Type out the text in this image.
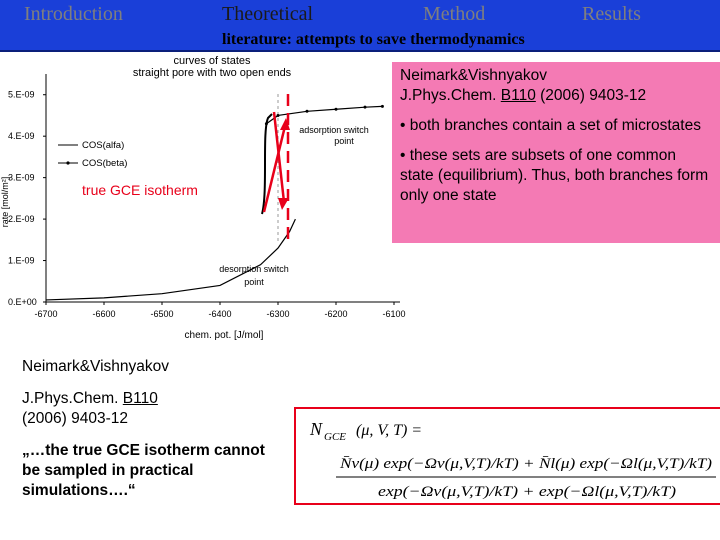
Introduction	Theoretical	Method	Results
literature: attempts to save thermodynamics
curves of states
straight pore with two open ends
0.E+00
1.E-09
2.E-09
3.E-09
4.E-09
5.E-09
-6700	-6600	-6500	-6400	-6300	-6200	-6100
rate [mol/m²]
chem. pot. [J/mol]
COS(alfa)
COS(beta)
adsorption switch
point
desorption switch
point
true GCE isotherm

Neimark&Vishnyakov

J.Phys.Chem. B110 (2006) 9403-12

• both branches contain a set of microstates

• these sets are subsets of one common state (equilibrium). Thus, both branches form only one state

Neimark&Vishnyakov

J.Phys.Chem. B110
(2006) 9403-12

„…the true GCE isotherm cannot be sampled in practical simulations….“

N GCE (μ, V, T) =
N̄v(μ) exp(−Ωv(μ,V,T)/kT) + N̄l(μ) exp(−Ωl(μ,V,T)/kT)
exp(−Ωv(μ,V,T)/kT) + exp(−Ωl(μ,V,T)/kT)
